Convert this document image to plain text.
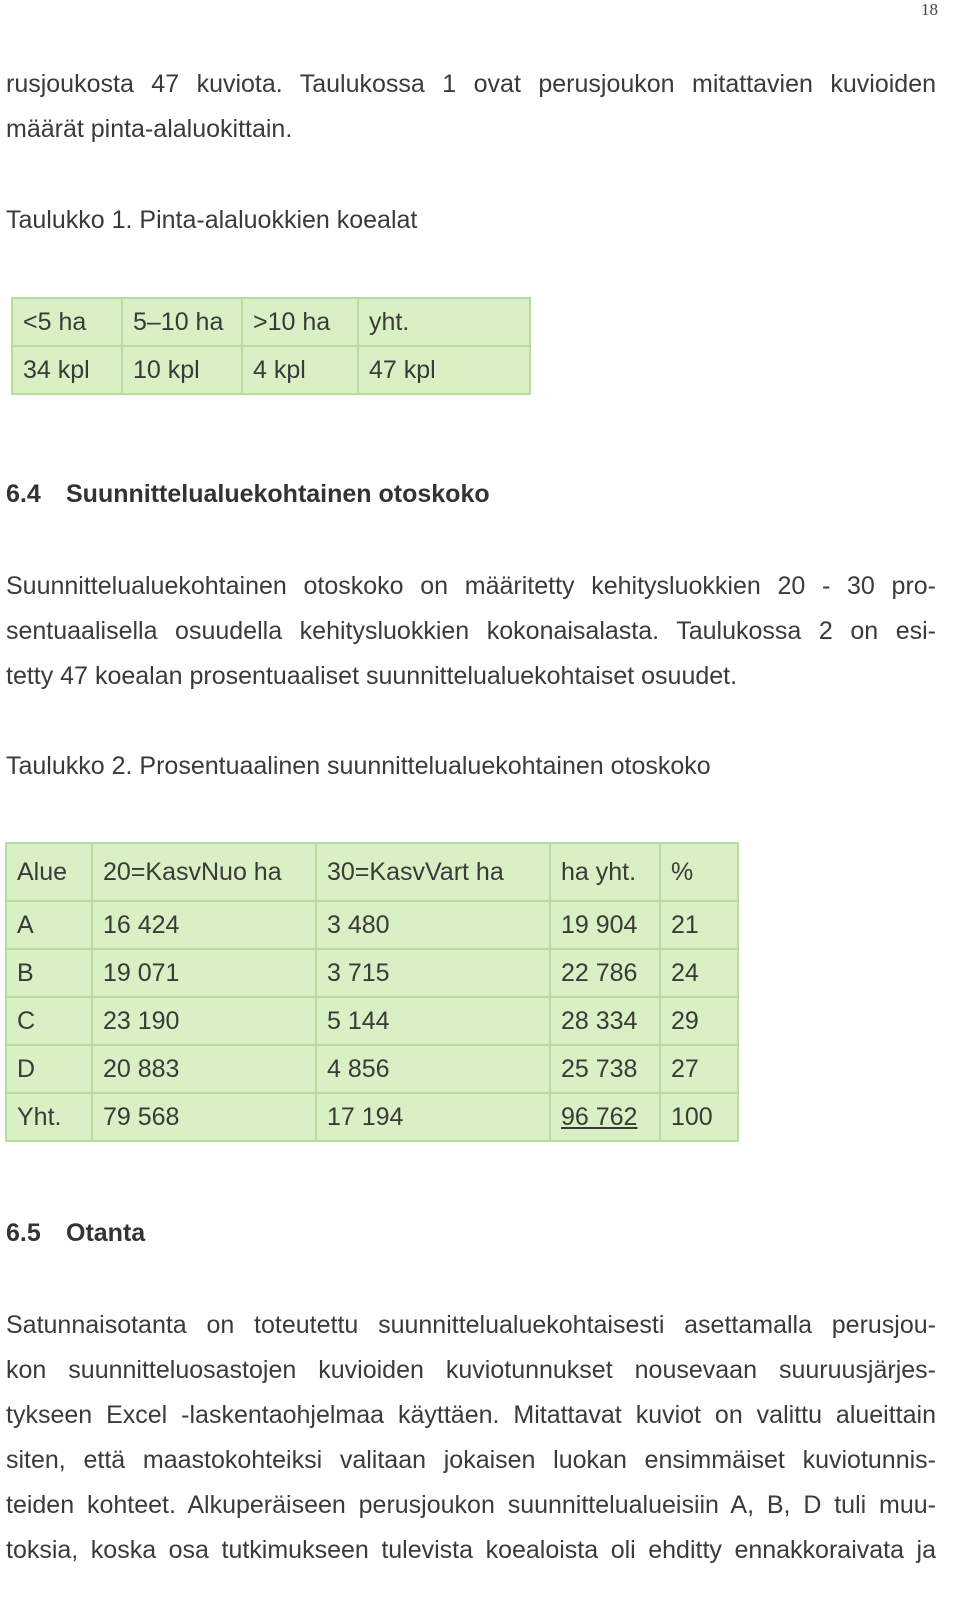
18

rusjoukosta 47 kuviota. Taulukossa 1 ovat perusjoukon mitattavien kuvioiden
määrät pinta-alaluokittain.

Taulukko 1. Pinta-alaluokkien koealat

<5 ha	5–10 ha	>10 ha	yht.
34 kpl	10 kpl	4 kpl	47 kpl
6.4 Suunnittelualuekohtainen otoskoko

Suunnittelualuekohtainen otoskoko on määritetty kehitysluokkien 20 - 30 pro-
sentuaalisella osuudella kehitysluokkien kokonaisalasta. Taulukossa 2 on esi-
tetty 47 koealan prosentuaaliset suunnittelualuekohtaiset osuudet.

Taulukko 2. Prosentuaalinen suunnittelualuekohtainen otoskoko

Alue	20=KasvNuo ha	30=KasvVart ha	ha yht.	%
A	16 424	3 480	19 904	21
B	19 071	3 715	22 786	24
C	23 190	5 144	28 334	29
D	20 883	4 856	25 738	27
Yht.	79 568	17 194	96 762	100
6.5 Otanta

Satunnaisotanta on toteutettu suunnittelualuekohtaisesti asettamalla perusjou-
kon suunnitteluosastojen kuvioiden kuviotunnukset nousevaan suuruusjärjes-
tykseen Excel -laskentaohjelmaa käyttäen. Mitattavat kuviot on valittu alueittain
siten, että maastokohteiksi valitaan jokaisen luokan ensimmäiset kuviotunnis-
teiden kohteet. Alkuperäiseen perusjoukon suunnittelualueisiin A, B, D tuli muu-
toksia, koska osa tutkimukseen tulevista koealoista oli ehditty ennakkoraivata ja
